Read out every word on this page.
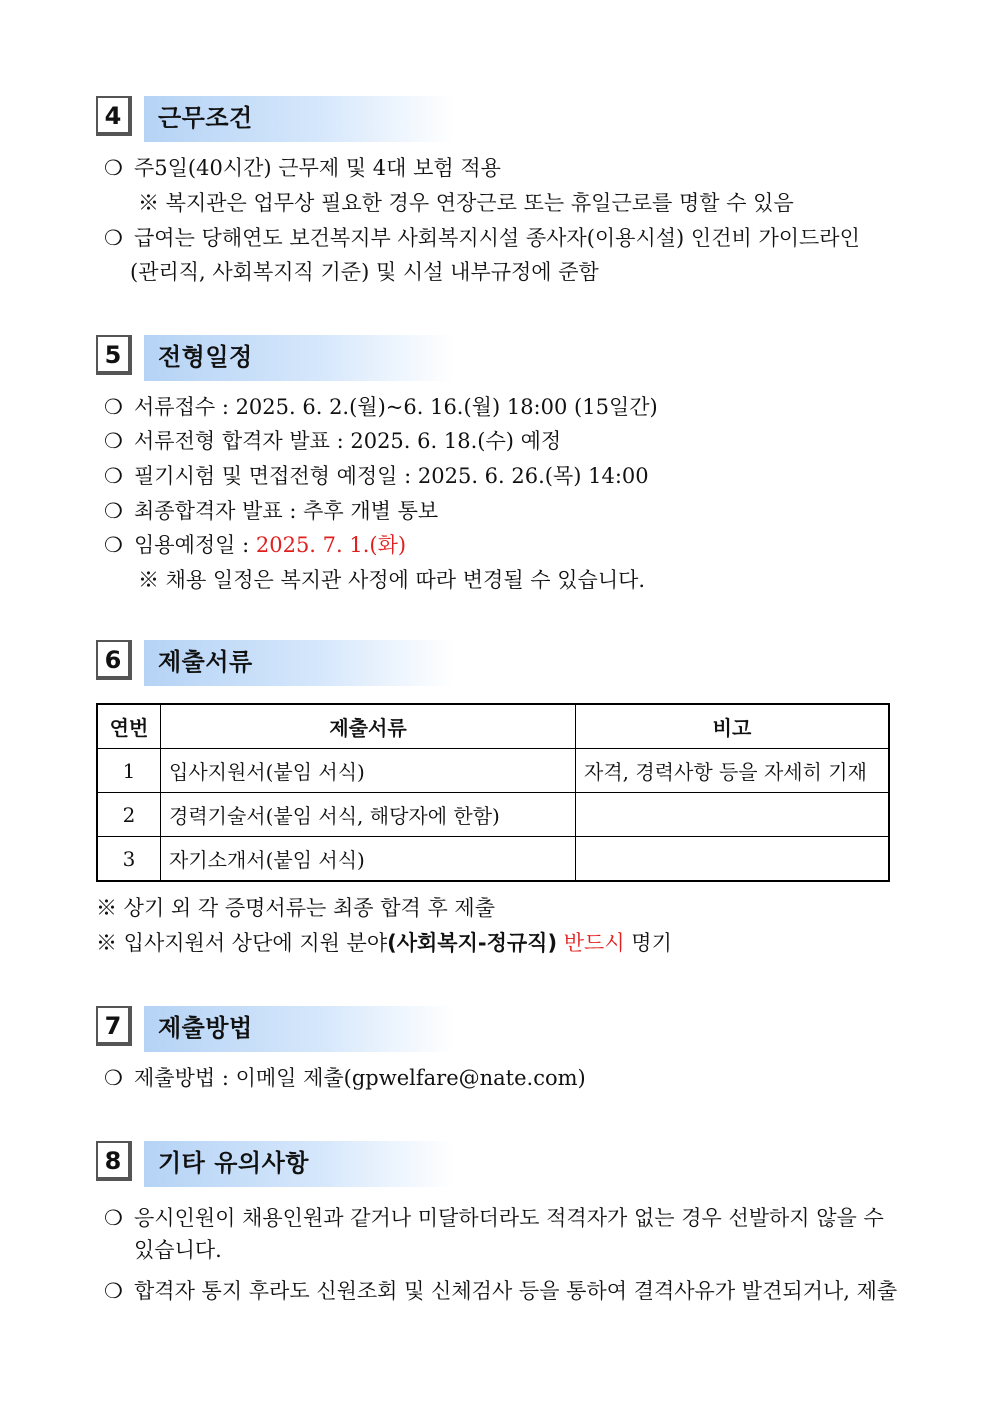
4	근무조건
❍ 주5일(40시간) 근무제 및 4대 보험 적용
※ 복지관은 업무상 필요한 경우 연장근로 또는 휴일근로를 명할 수 있음
❍ 급여는 당해연도 보건복지부 사회복지시설 종사자(이용시설) 인건비 가이드라인
(관리직, 사회복지직 기준) 및 시설 내부규정에 준함
5	전형일정
❍ 서류접수 : 2025. 6. 2.(월)~6. 16.(월) 18:00 (15일간)
❍ 서류전형 합격자 발표 : 2025. 6. 18.(수) 예정
❍ 필기시험 및 면접전형 예정일 : 2025. 6. 26.(목) 14:00
❍ 최종합격자 발표 : 추후 개별 통보
❍ 임용예정일 : 2025. 7. 1.(화)
※ 채용 일정은 복지관 사정에 따라 변경될 수 있습니다.
6	제출서류
연번	제출서류	비고
1	입사지원서(붙임 서식)	자격, 경력사항 등을 자세히 기재
2	경력기술서(붙임 서식, 해당자에 한함)	
3	자기소개서(붙임 서식)	
※ 상기 외 각 증명서류는 최종 합격 후 제출
※ 입사지원서 상단에 지원 분야(사회복지-정규직) 반드시 명기
7	제출방법
❍ 제출방법 : 이메일 제출(gpwelfare@nate.com)
8	기타 유의사항
❍ 응시인원이 채용인원과 같거나 미달하더라도 적격자가 없는 경우 선발하지 않을 수
있습니다.
❍ 합격자 통지 후라도 신원조회 및 신체검사 등을 통하여 결격사유가 발견되거나, 제출
